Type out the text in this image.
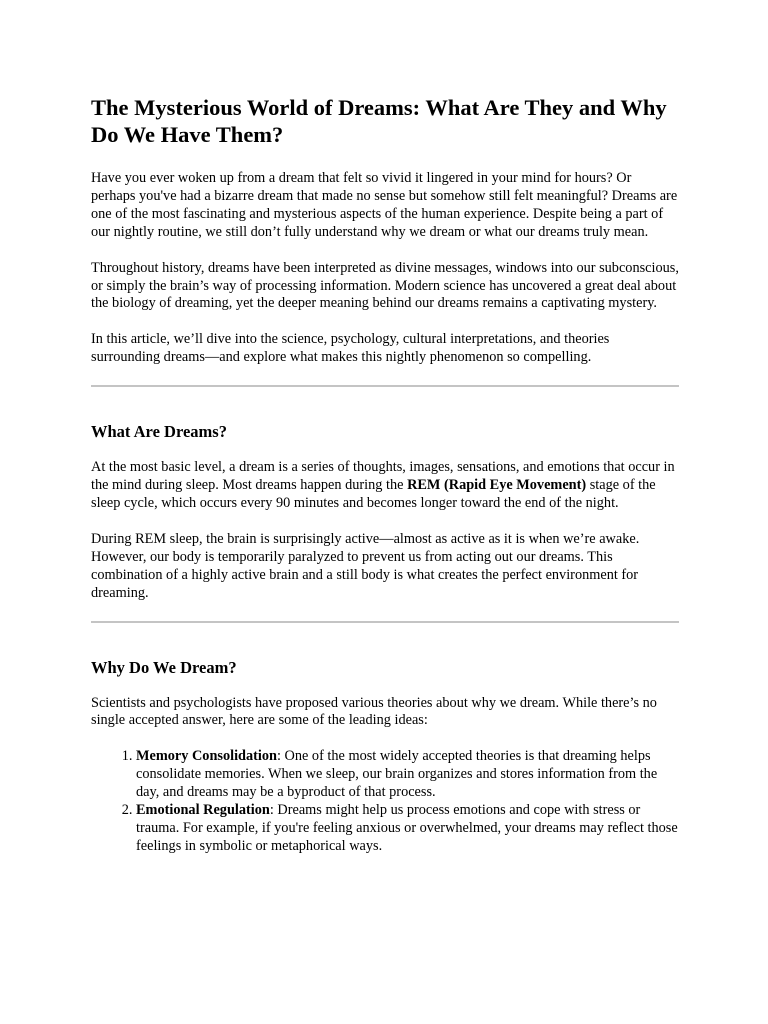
The Mysterious World of Dreams: What Are They and Why Do We Have Them?

Have you ever woken up from a dream that felt so vivid it lingered in your mind for hours? Or perhaps you've had a bizarre dream that made no sense but somehow still felt meaningful? Dreams are one of the most fascinating and mysterious aspects of the human experience. Despite being a part of our nightly routine, we still don’t fully understand why we dream or what our dreams truly mean.

Throughout history, dreams have been interpreted as divine messages, windows into our subconscious, or simply the brain’s way of processing information. Modern science has uncovered a great deal about the biology of dreaming, yet the deeper meaning behind our dreams remains a captivating mystery.

In this article, we’ll dive into the science, psychology, cultural interpretations, and theories surrounding dreams—and explore what makes this nightly phenomenon so compelling.

What Are Dreams?

At the most basic level, a dream is a series of thoughts, images, sensations, and emotions that occur in the mind during sleep. Most dreams happen during the REM (Rapid Eye Movement) stage of the sleep cycle, which occurs every 90 minutes and becomes longer toward the end of the night.

During REM sleep, the brain is surprisingly active—almost as active as it is when we’re awake. However, our body is temporarily paralyzed to prevent us from acting out our dreams. This combination of a highly active brain and a still body is what creates the perfect environment for dreaming.

Why Do We Dream?

Scientists and psychologists have proposed various theories about why we dream. While there’s no single accepted answer, here are some of the leading ideas:

1. Memory Consolidation: One of the most widely accepted theories is that dreaming helps consolidate memories. When we sleep, our brain organizes and stores information from the day, and dreams may be a byproduct of that process.
2. Emotional Regulation: Dreams might help us process emotions and cope with stress or trauma. For example, if you're feeling anxious or overwhelmed, your dreams may reflect those feelings in symbolic or metaphorical ways.
